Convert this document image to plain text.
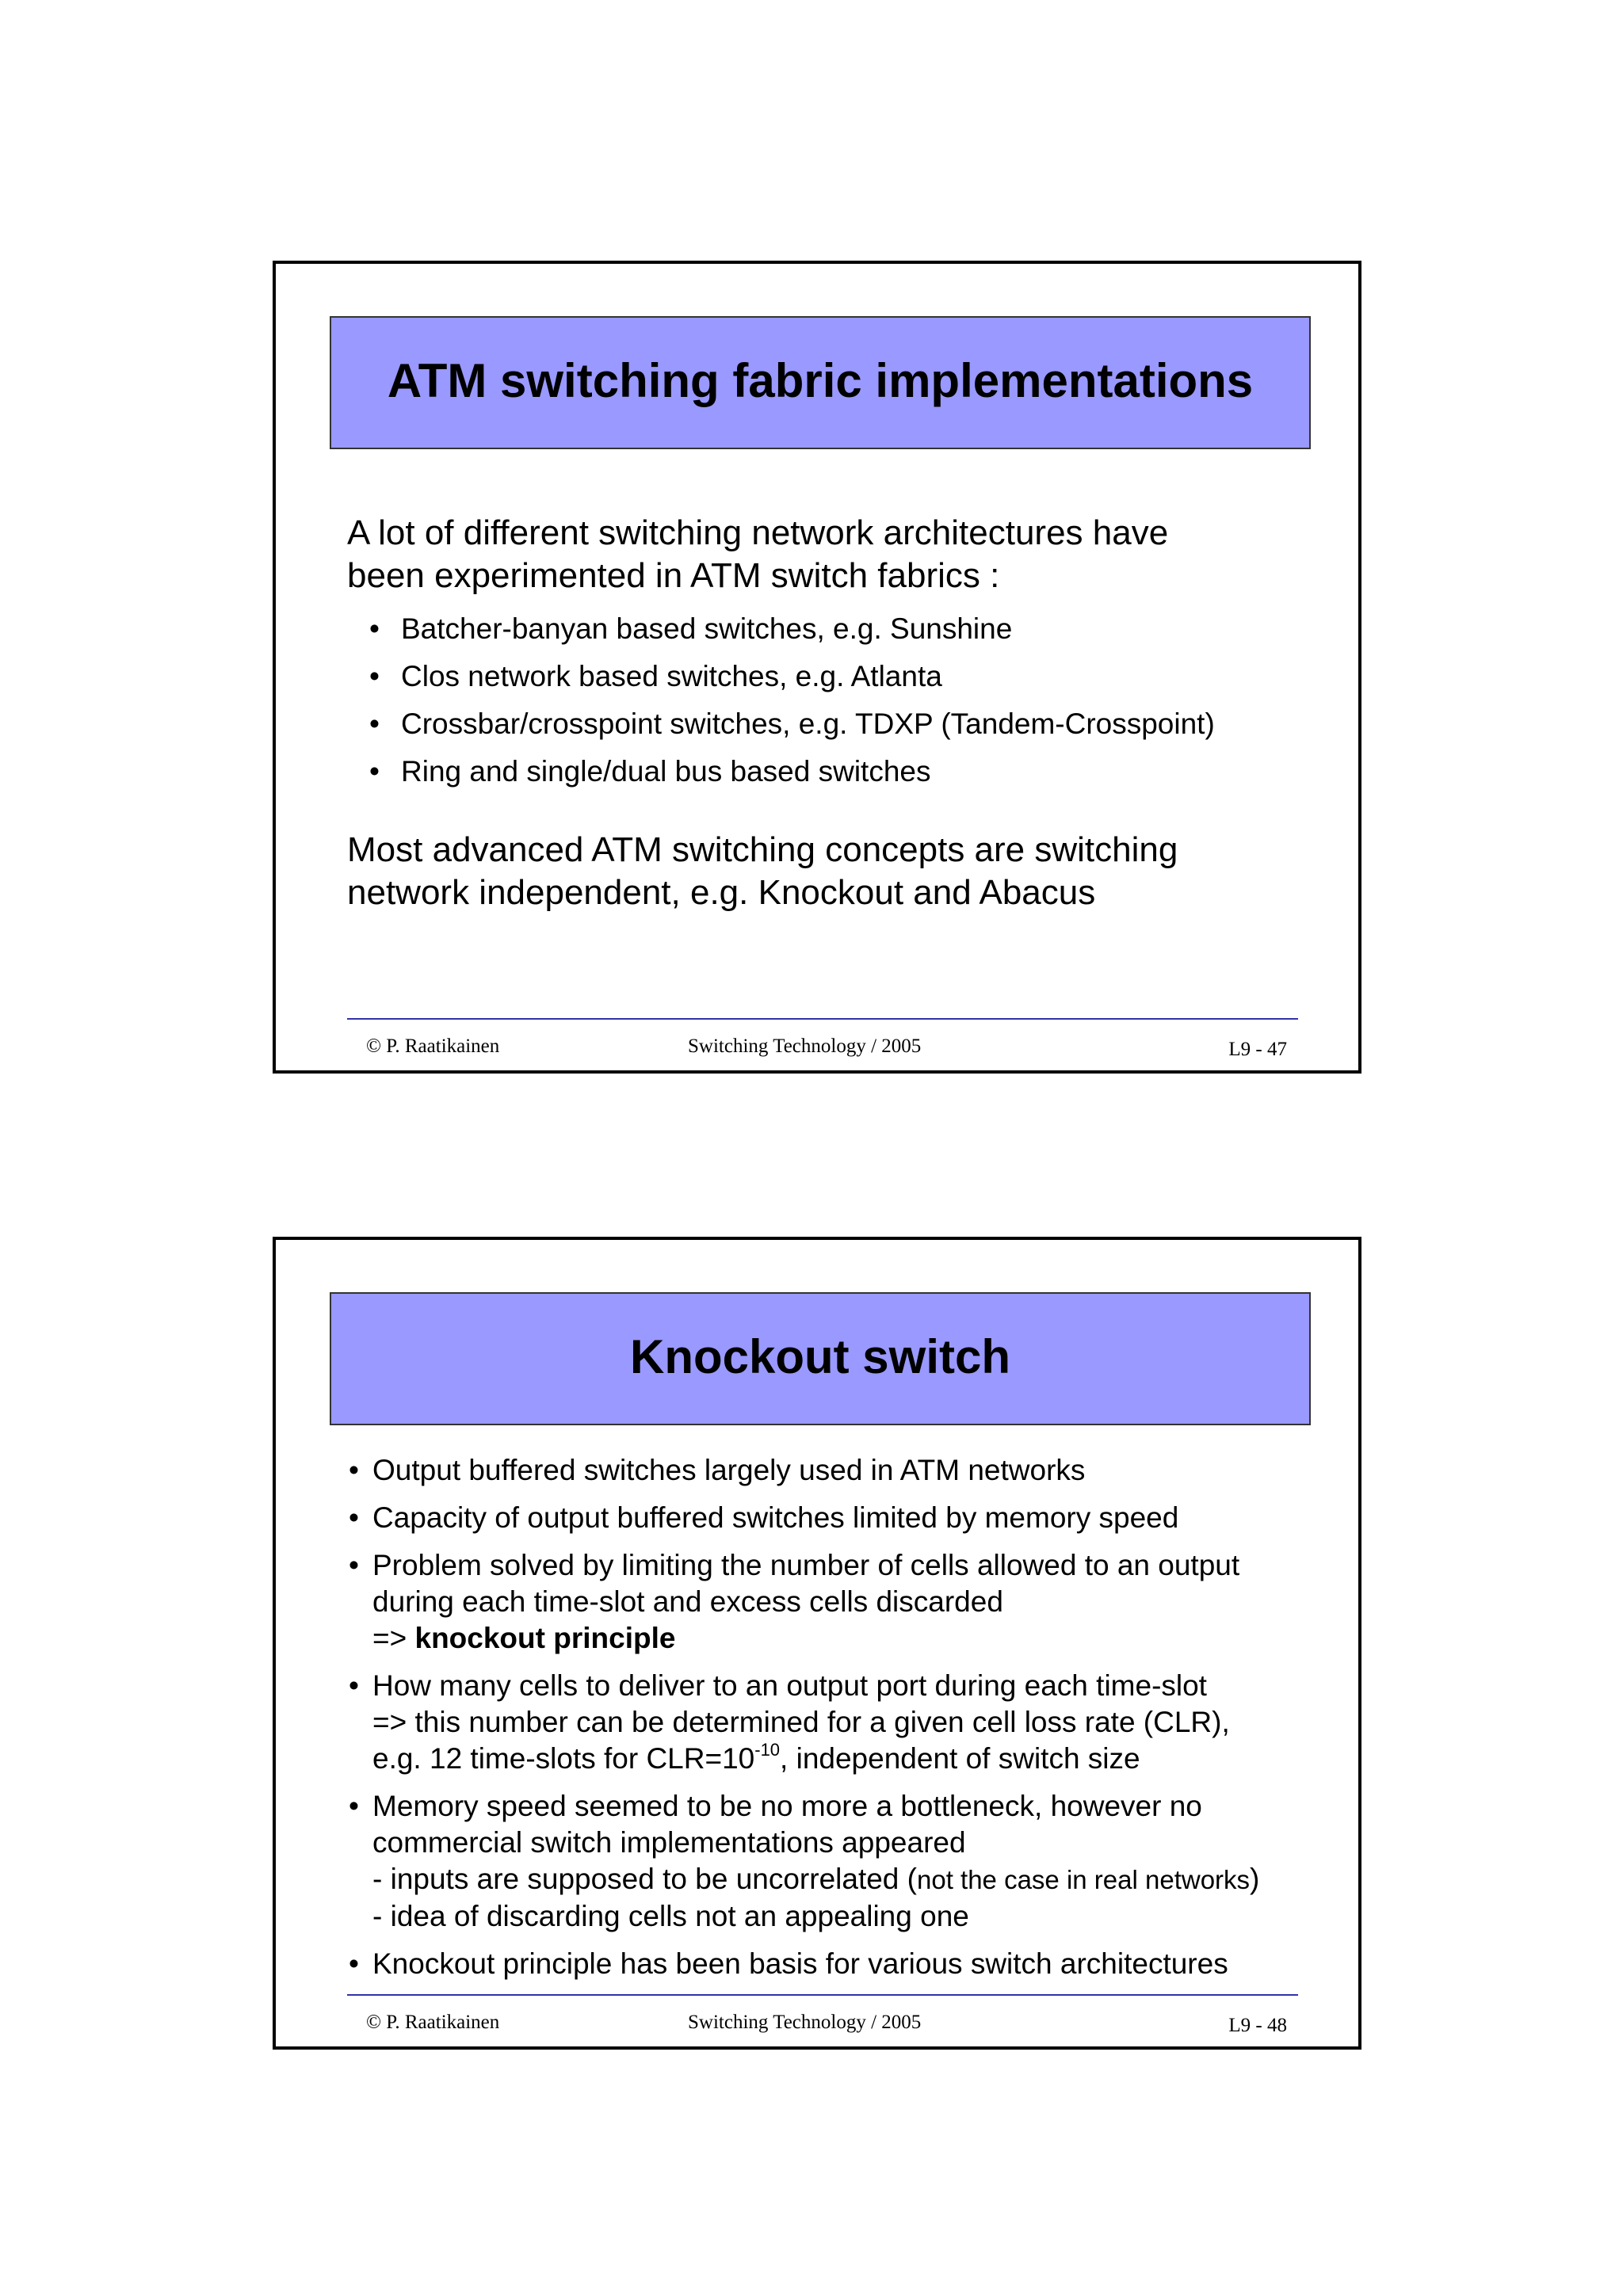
ATM switching fabric implementations

A lot of different switching network architectures have
been experimented in ATM switch fabrics :

• Batcher-banyan based switches, e.g. Sunshine
• Clos network based switches, e.g. Atlanta
• Crossbar/crosspoint switches, e.g. TDXP (Tandem-Crosspoint)
• Ring and single/dual bus based switches

Most advanced ATM switching concepts are switching
network independent, e.g. Knockout and Abacus

© P. Raatikainen	Switching Technology / 2005	L9 - 47
Knockout switch
• Output buffered switches largely used in ATM networks
• Capacity of output buffered switches limited by memory speed
• Problem solved by limiting the number of cells allowed to an output
during each time-slot and excess cells discarded
=> knockout principle
• How many cells to deliver to an output port during each time-slot
=> this number can be determined for a given cell loss rate (CLR),
e.g. 12 time-slots for $CLR=10^{-10}$, independent of switch size
• Memory speed seemed to be no more a bottleneck, however no
commercial switch implementations appeared
- inputs are supposed to be uncorrelated (not the case in real networks)
- idea of discarding cells not an appealing one
• Knockout principle has been basis for various switch architectures
© P. Raatikainen	Switching Technology / 2005	L9 - 48
